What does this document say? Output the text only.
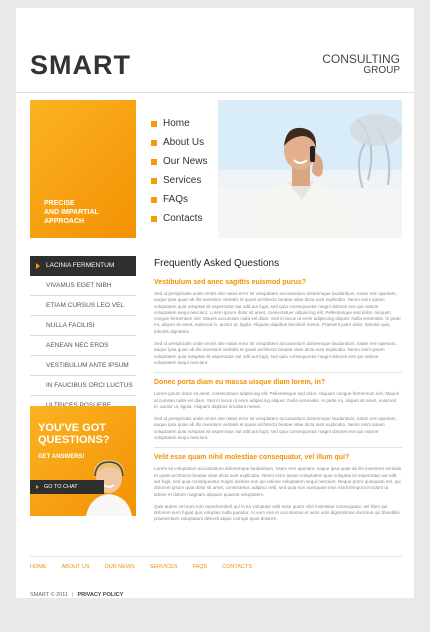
SMART	CONSULTING
GROUP
PRECISE
AND IMPARTIAL
APPROACH
Home
About Us
Our News
Services
FAQs
Contacts
LACINIA FERMENTUM
VIVAMUS EGET NIBH
ETIAM CURSUS LEO VEL
NULLA FACILISI
AENEAN NEC EROS
VESTIBULUM ANTE IPSUM
IN FAUCIBUS ORCI LUCTUS
YOU'VE GOT
QUESTIONS?
GET ANSWERS!
GO TO CHAT
Frequently Asked Questions
Vestibulum sed anec sagittis euismod purus?

Sed ut perspiciatis unde omnis iste natus error sit voluptatem accusantium doloremque laudantium, totam rem aperiam, eaque ipsa quae ab illo inventore veritatis et quasi architecto beatae vitae dicta sunt explicabo. Nemo enim ipsam voluptatem quia voluptas sit aspernatur aut odit aut fugit, sed quia consequuntur magni dolores eos qui ratione voluptatem sequi nesciunt. Lorem ipsum dolor sit amet, consectetuer adipiscing elit. Pellentesque sed dolor. Aliquam congue fermentum nisl. Mauris accumsan nulla vel diam. Sed in lacus ut enim adipiscing aliquet. Nulla venenatis. In pede mi, aliquet sit amet, euismod in, auctor ut, ligula. Aliquam dapibus tincidunt metus. Praesent justo dolor, lobortis quis, lobortis dignissim.

Sed ut perspiciatis unde omnis iste natus error sit voluptatem accusantium doloremque laudantium, totam rem aperiam, eaque ipsa quae ab illo inventore veritatis et quasi architecto beatae vitae dicta sunt explicabo. Nemo enim ipsam voluptatem quia voluptas sit aspernatur aut odit aut fugit, sed quia consequuntur magni dolores eos qui ratione voluptatem sequi nesciunt.

Donec porta diam eu massa uisque diam lorem, in?

Lorem ipsum dolor sit amet, consectetuer adipiscing elit. Pellentesque sed dolor. Aliquam congue fermentum nisl. Mauris accumsan nulla vel diam. Sed in lacus ut enim adipiscing aliquet. Nulla venenatis. In pede mi, aliquet sit amet, euismod in, auctor ut, ligula. Aliquam dapibus tincidunt metus.

Sed ut perspiciatis unde omnis iste natus error sit voluptatem accusantium doloremque laudantium, totam rem aperiam, eaque ipsa quae ab illo inventore veritatis et quasi architecto beatae vitae dicta sunt explicabo. Nemo enim ipsam voluptatem quia voluptas sit aspernatur aut odit aut fugit, sed quia consequuntur magni dolores eos qui ratione voluptatem sequi nesciunt.

Velit esse quam nihil molestiae consequatur, vel illum qui?

Lorem sit voluptatem accusantium doloremque laudantium, totam rem aperiam, eaque ipsa quae ab illo inventore veritatis et quasi architecto beatae vitae dicta sunt explicabo. Nemo enim ipsam voluptatem quia voluptas sit aspernatur aut odit aut fugit, sed quia consequuntur magni dolores eos qui ratione voluptatem sequi nesciunt. Neque porro quisquam est, qui dolorem ipsum quia dolor sit amet, consectetur, adipisci velit, sed quia non numquam eius modi tempora incidunt ut labore et dolore magnam aliquam quaerat voluptatem.

Quis autem vel eum iure reprehenderit qui in ea voluptate velit esse quam nihil molestiae consequatur, vel illum qui dolorem eum fugiat quo voluptas nulla pariatur. At vero eos et accusamus et iusto odio dignissimos ducimus qui blanditiis praesentium voluptatum deleniti atque corrupti quos dolores.

HOME	ABOUT US	OUR NEWS	SERVICES	FAQS	CONTACTS
SMART © 2011 | PRIVACY POLICY
